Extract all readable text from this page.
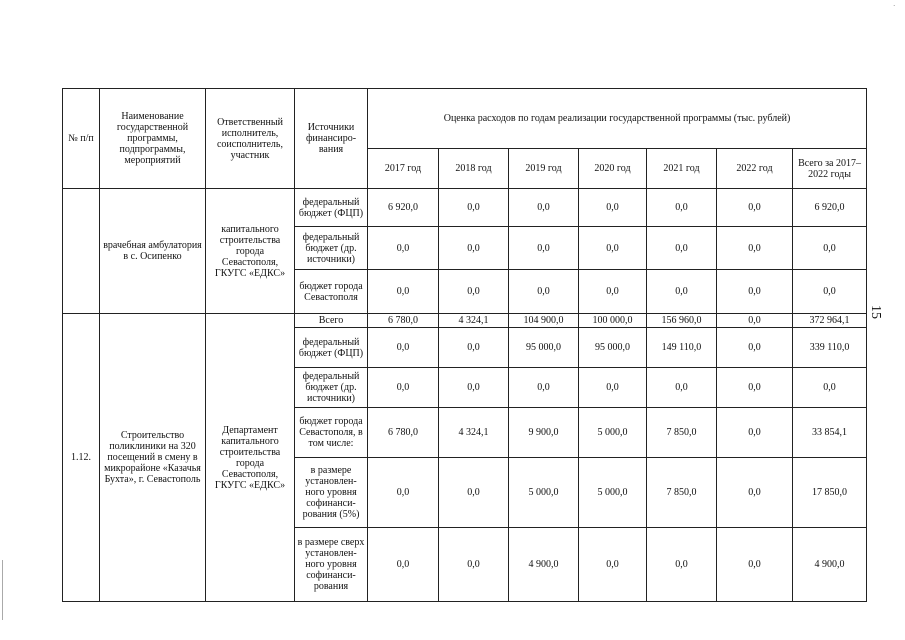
·
15
№ п/п	Наименование государственной программы, подпрограммы, мероприятий	Ответственный исполнитель, соисполнитель, участник	Источники финансиро-вания	Оценка расходов по годам реализации государственной программы (тыс. рублей)						
				2017 год	2018 год	2019 год	2020 год	2021 год	2022 год	Всего за 2017–2022 годы
	врачебная амбулатория в с. Осипенко	капитального строительства города Севастополя, ГКУГС «ЕДКС»	федеральный бюджет (ФЦП)	6 920,0	0,0	0,0	0,0	0,0	0,0	6 920,0
			федеральный бюджет (др. источники)	0,0	0,0	0,0	0,0	0,0	0,0	0,0
			бюджет города Севастополя	0,0	0,0	0,0	0,0	0,0	0,0	0,0
1.12.	Строительство поликлиники на 320 посещений в смену в микрорайоне «Казачья Бухта», г. Севастополь	Департамент капитального строительства города Севастополя, ГКУГС «ЕДКС»	Всего	6 780,0	4 324,1	104 900,0	100 000,0	156 960,0	0,0	372 964,1
			федеральный бюджет (ФЦП)	0,0	0,0	95 000,0	95 000,0	149 110,0	0,0	339 110,0
			федеральный бюджет (др. источники)	0,0	0,0	0,0	0,0	0,0	0,0	0,0
			бюджет города Севастополя, в том числе:	6 780,0	4 324,1	9 900,0	5 000,0	7 850,0	0,0	33 854,1
			в размере установлен-ного уровня софинанси-рования (5%)	0,0	0,0	5 000,0	5 000,0	7 850,0	0,0	17 850,0
			в размере сверх установлен-ного уровня софинанси-рования	0,0	0,0	4 900,0	0,0	0,0	0,0	4 900,0
